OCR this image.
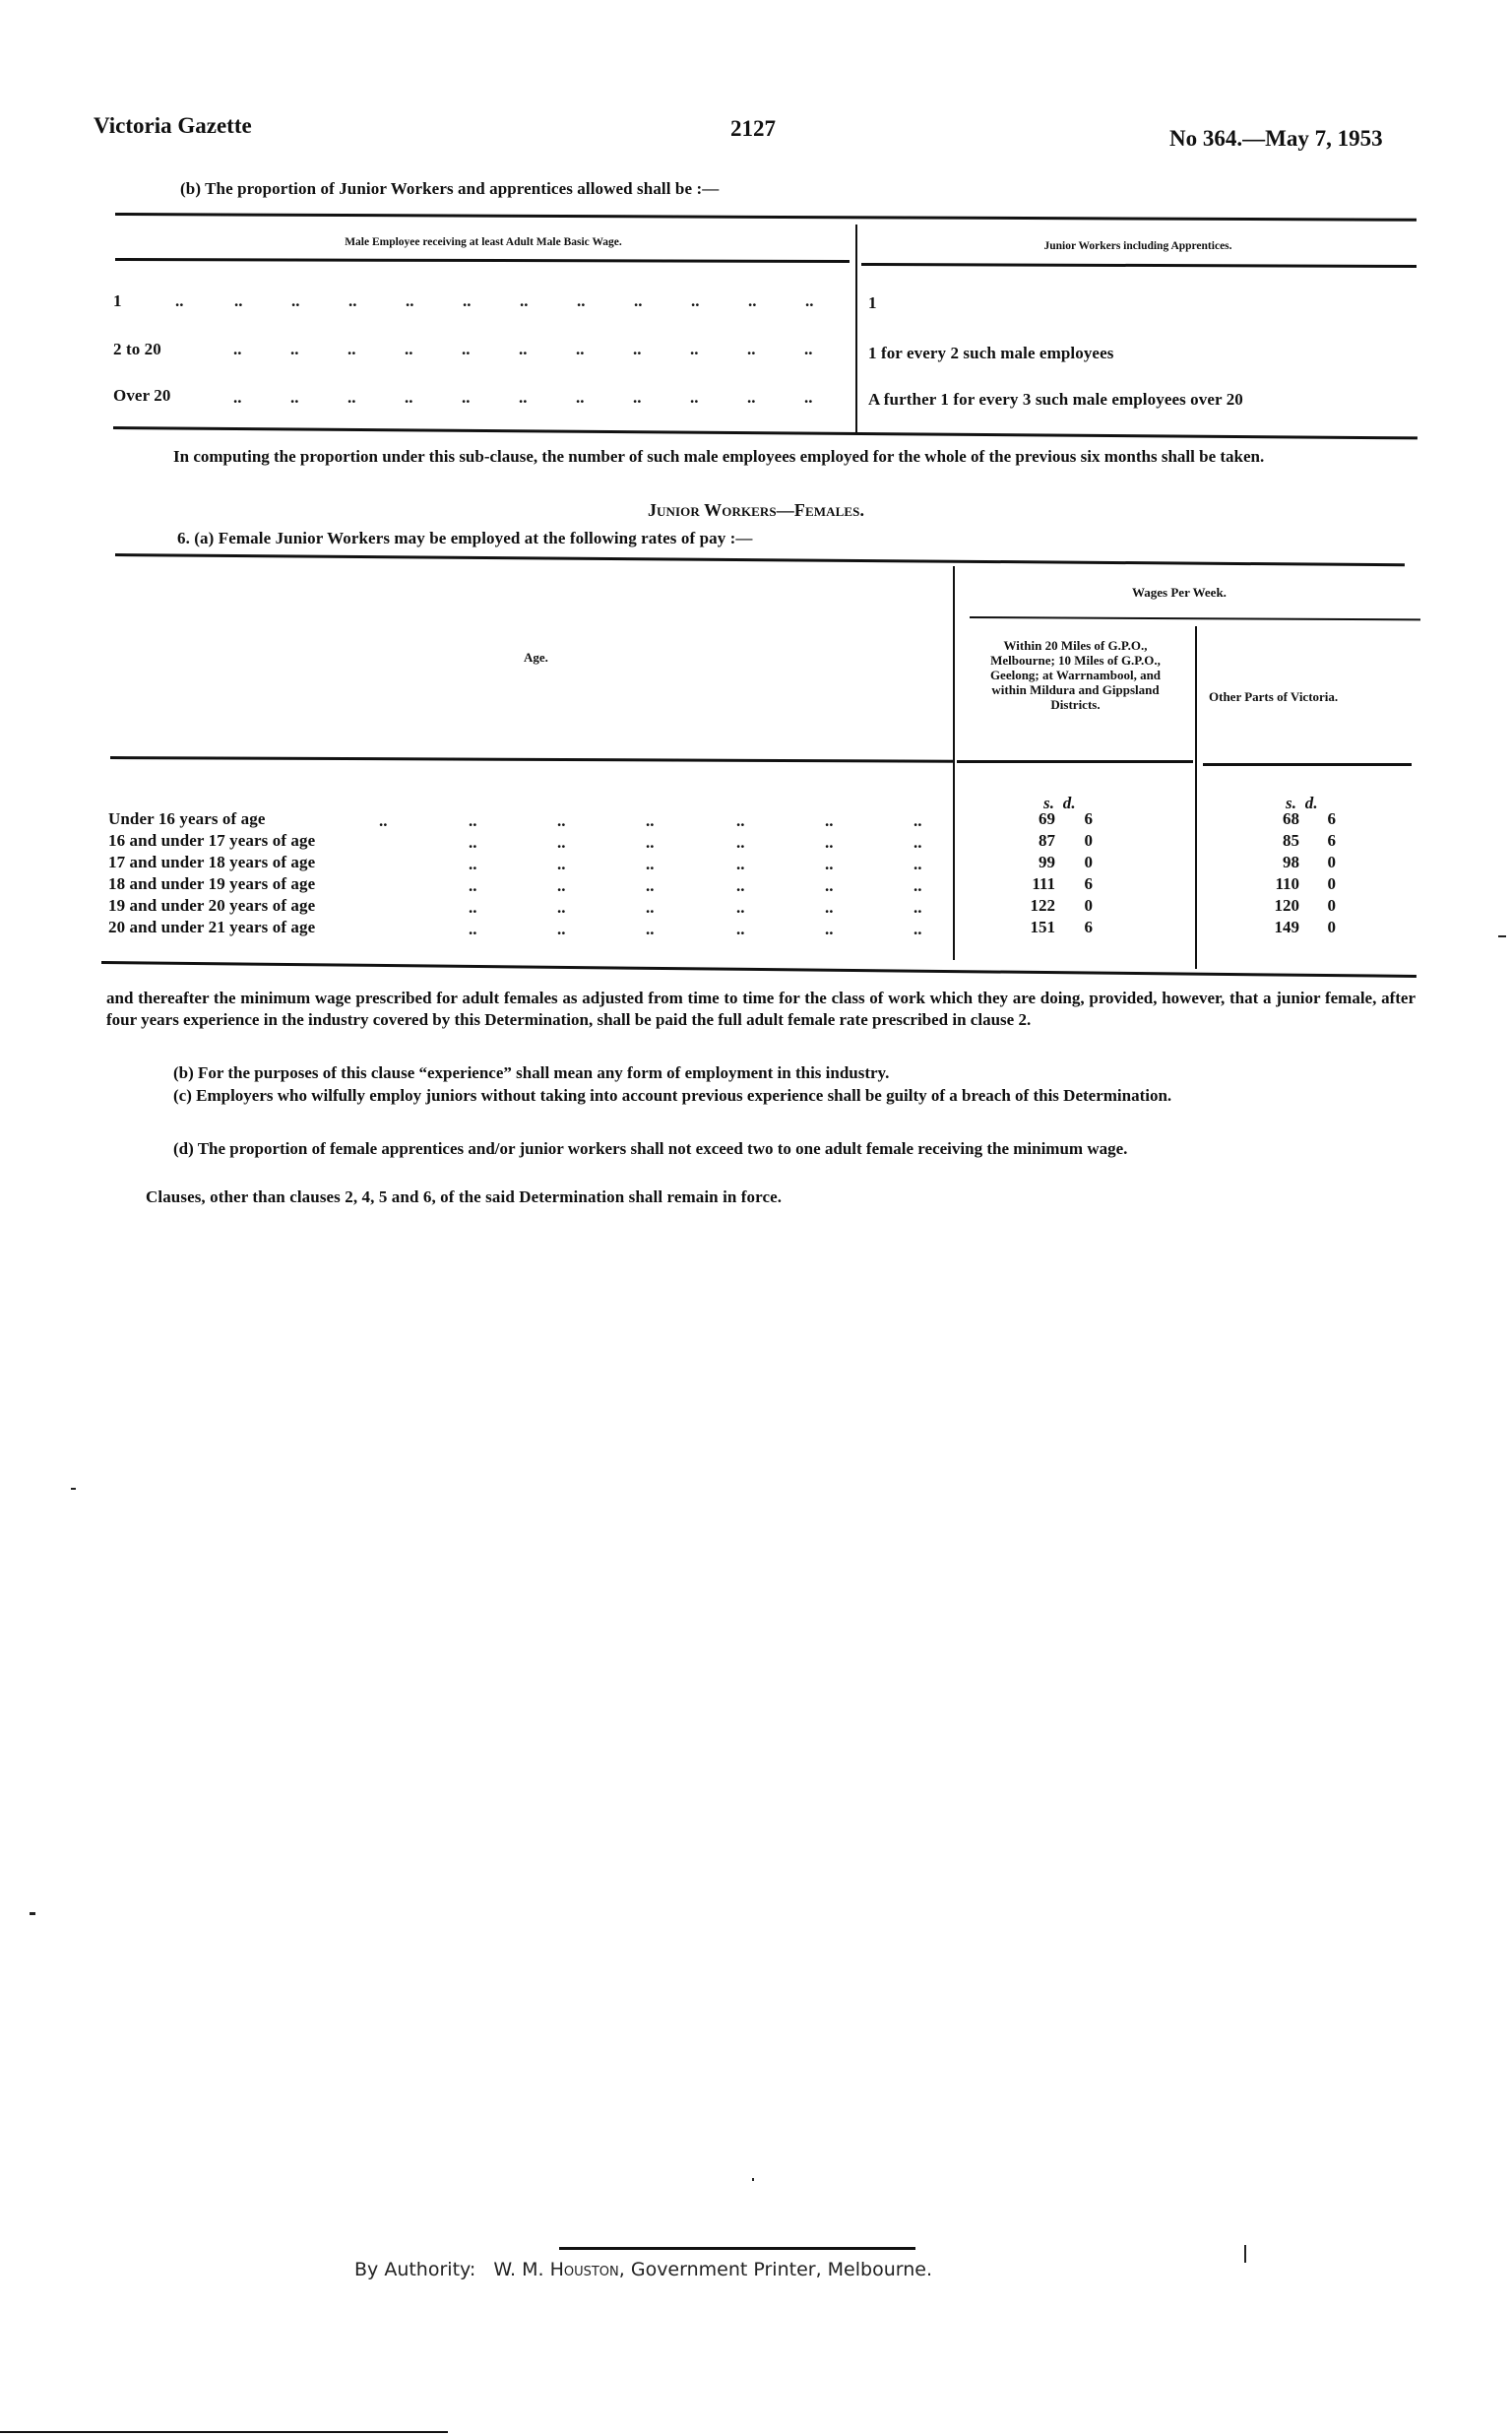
Victoria Gazette	2127	No 364.—May 7, 1953
(b) The proportion of Junior Workers and apprentices allowed shall be :—
Male Employee receiving at least Adult Male Basic Wage.	Junior Workers including Apprentices.
1	..	..	..	..	..	..	..	..	..	..	..	..	1
2 to 20	..	..	..	..	..	..	..	..	..	..	..	1 for every 2 such male employees
Over 20	..	..	..	..	..	..	..	..	..	..	..	A further 1 for every 3 such male employees over 20
In computing the proportion under this sub-clause, the number of such male employees employed for the whole of the previous six months shall be taken.
Junior Workers—Females.
6. (a) Female Junior Workers may be employed at the following rates of pay :—
Wages Per Week.
Age.
Within 20 Miles of G.P.O., Melbourne; 10 Miles of G.P.O., Geelong; at Warrnambool, and within Mildura and Gippsland Districts.
Other Parts of Victoria.
s. d.	s. d.
Under 16 years of age	..	..	..	..	..	..	..	69	6	68	6
16 and under 17 years of age	..	..	..	..	..	..	87	0	85	6
17 and under 18 years of age	..	..	..	..	..	..	99	0	98	0
18 and under 19 years of age	..	..	..	..	..	..	111	6	110	0
19 and under 20 years of age	..	..	..	..	..	..	122	0	120	0
20 and under 21 years of age	..	..	..	..	..	..	151	6	149	0
and thereafter the minimum wage prescribed for adult females as adjusted from time to time for the class of work which they are doing, provided, however, that a junior female, after four years experience in the industry covered by this Determination, shall be paid the full adult female rate prescribed in clause 2.
(b) For the purposes of this clause “experience” shall mean any form of employment in this industry.
(c) Employers who wilfully employ juniors without taking into account previous experience shall be guilty of a breach of this Determination.
(d) The proportion of female apprentices and/or junior workers shall not exceed two to one adult female receiving the minimum wage.
Clauses, other than clauses 2, 4, 5 and 6, of the said Determination shall remain in force.
By Authority: W. M. Houston, Government Printer, Melbourne.
